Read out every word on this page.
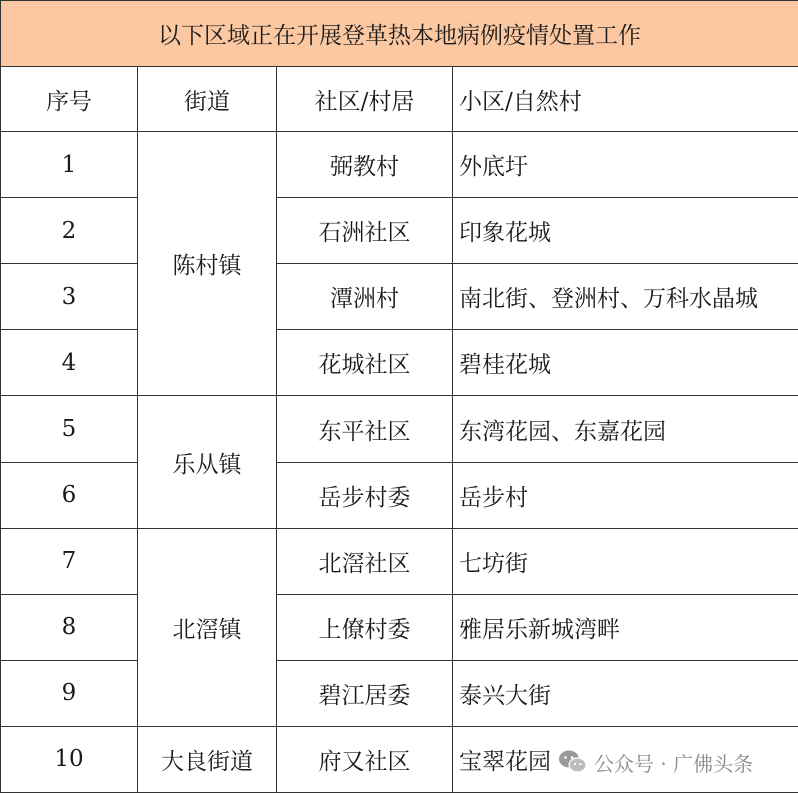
以下区域正在开展登革热本地病例疫情处置工作			
序号	街道	社区/村居	小区/自然村
1	陈村镇	弼教村	外底圩
2		石洲社区	印象花城
3		潭洲村	南北街、登洲村、万科水晶城
4		花城社区	碧桂花城
5	乐从镇	东平社区	东湾花园、东嘉花园
6		岳步村委	岳步村
7	北滘镇	北滘社区	七坊街
8		上僚村委	雅居乐新城湾畔
9		碧江居委	泰兴大街
10	大良街道	府又社区	宝翠花园 公众号 · 广佛头条
